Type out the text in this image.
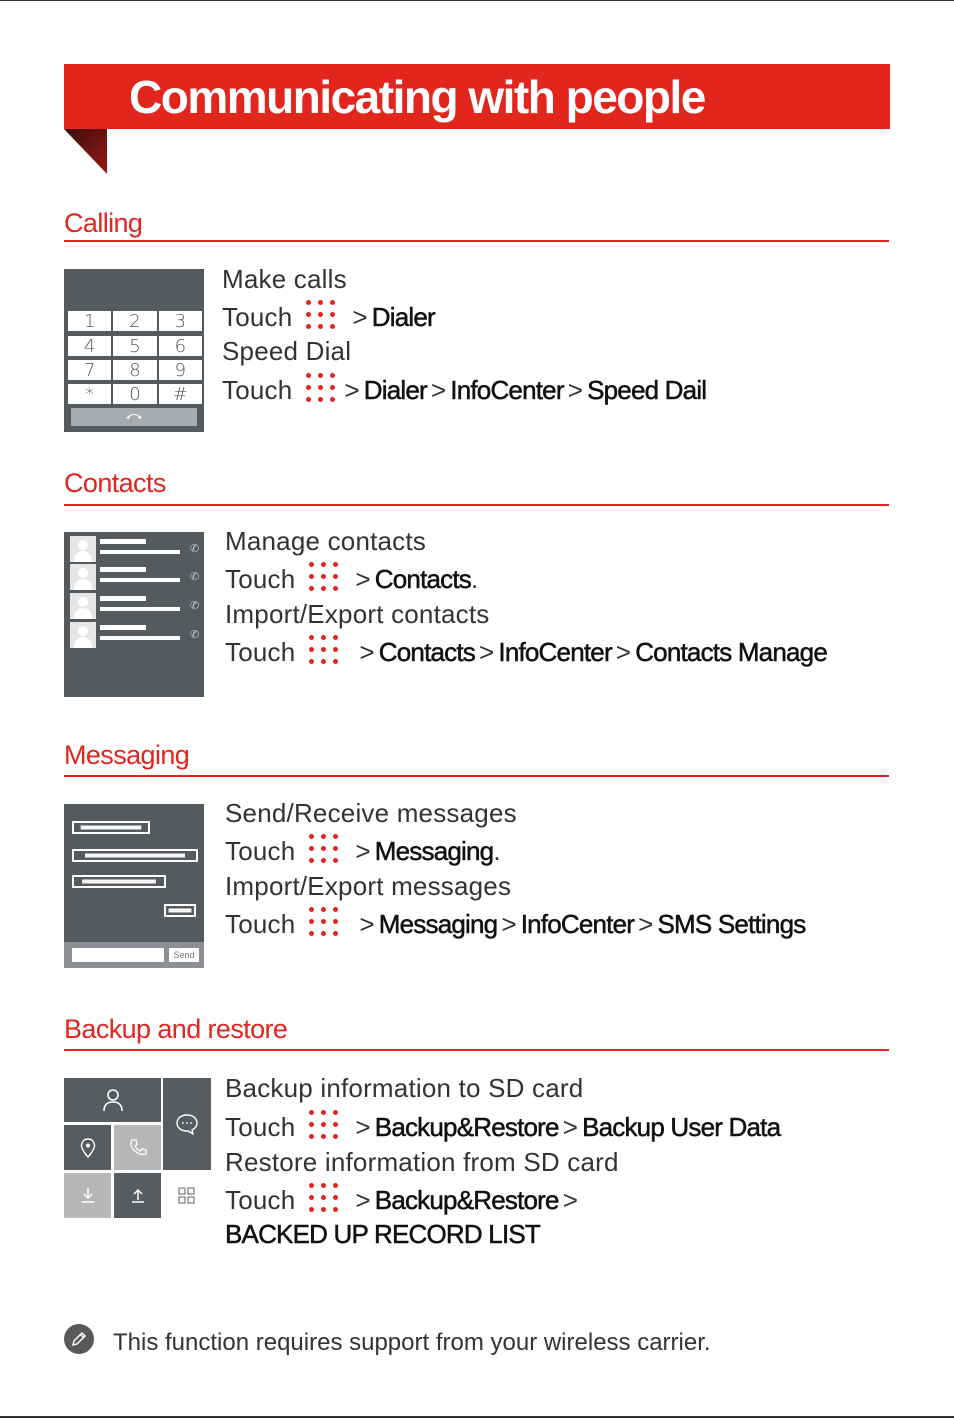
Communicating with people
Calling
1	2	3
4	5	6
7	8	9
*	0	#
Make calls
Touch > Dialer
Speed Dial
Touch > Dialer > InfoCenter > Speed Dail
Contacts
✆
✆
✆
✆
Manage contacts
Touch > Contacts.
Import/Export contacts
Touch > Contacts > InfoCenter > Contacts Manage
Messaging
Send
Send/Receive messages
Touch > Messaging.
Import/Export messages
Touch > Messaging > InfoCenter > SMS Settings
Backup and restore
Backup information to SD card
Touch > Backup&Restore > Backup User Data
Restore information from SD card
Touch > Backup&Restore >
BACKED UP RECORD LIST
This function requires support from your wireless carrier.
